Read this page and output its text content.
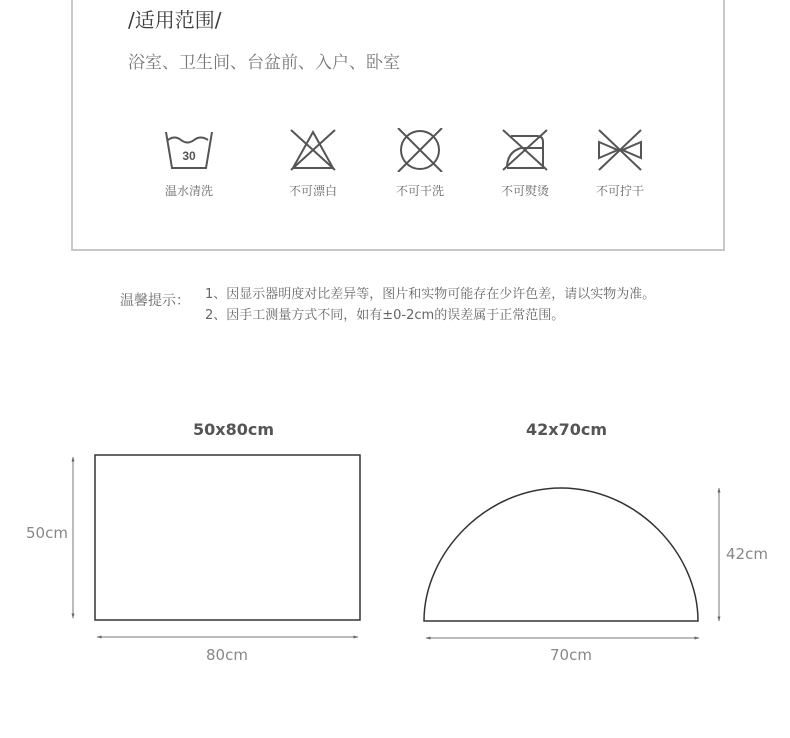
/适用范围/
浴室、卫生间、台盆前、入户、卧室
30
温水清洗	不可漂白	不可干洗	不可熨烫	不可拧干
温馨提示： 1、因显示器明度对比差异等，图片和实物可能存在少许色差，请以实物为准。
2、因手工测量方式不同，如有±0-2cm的误差属于正常范围。
50x80cm
50cm
80cm
42x70cm
42cm
70cm
